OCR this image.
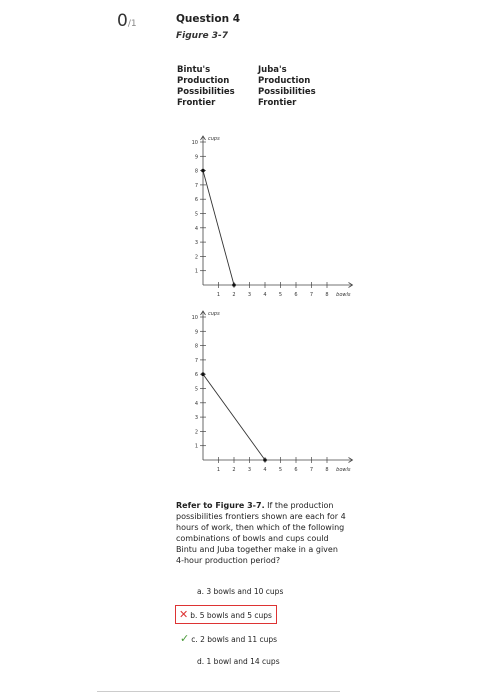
0/1	Question 4
Figure 3-7
Bintu's
Production
Possibilities
Frontier
Juba's
Production
Possibilities
Frontier
1
2
3
4
5
6
7
8
9
10
1 2 3 4 5 6 7 8
cups
bowls
1
2
3
4
5
6
7
8
9
10
1 2 3 4 5 6 7 8
cups
bowls
Refer to Figure 3-7. If the production possibilities frontiers shown are each for 4 hours of work, then which of the following combinations of bowls and cups could Bintu and Juba together make in a given 4-hour production period?
a. 3 bowls and 10 cups
✕ b. 5 bowls and 5 cups
✓ c. 2 bowls and 11 cups
d. 1 bowl and 14 cups
